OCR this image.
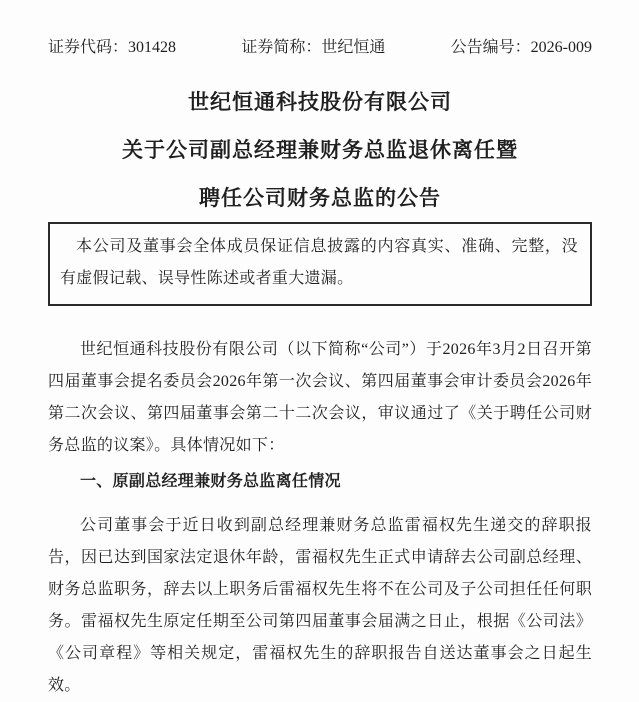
证券代码：301428	证券简称：世纪恒通	公告编号：2026-009
世纪恒通科技股份有限公司
关于公司副总经理兼财务总监退休离任暨
聘任公司财务总监的公告

本公司及董事会全体成员保证信息披露的内容真实、准确、完整，没有虚假记载、误导性陈述或者重大遗漏。

世纪恒通科技股份有限公司（以下简称“公司”）于2026年3月2日召开第四届董事会提名委员会2026年第一次会议、第四届董事会审计委员会2026年第二次会议、第四届董事会第二十二次会议，审议通过了《关于聘任公司财务总监的议案》。具体情况如下：

一、原副总经理兼财务总监离任情况

公司董事会于近日收到副总经理兼财务总监雷福权先生递交的辞职报告，因已达到国家法定退休年龄，雷福权先生正式申请辞去公司副总经理、财务总监职务，辞去以上职务后雷福权先生将不在公司及子公司担任任何职务。雷福权先生原定任期至公司第四届董事会届满之日止，根据《公司法》《公司章程》等相关规定，雷福权先生的辞职报告自送达董事会之日起生效。
